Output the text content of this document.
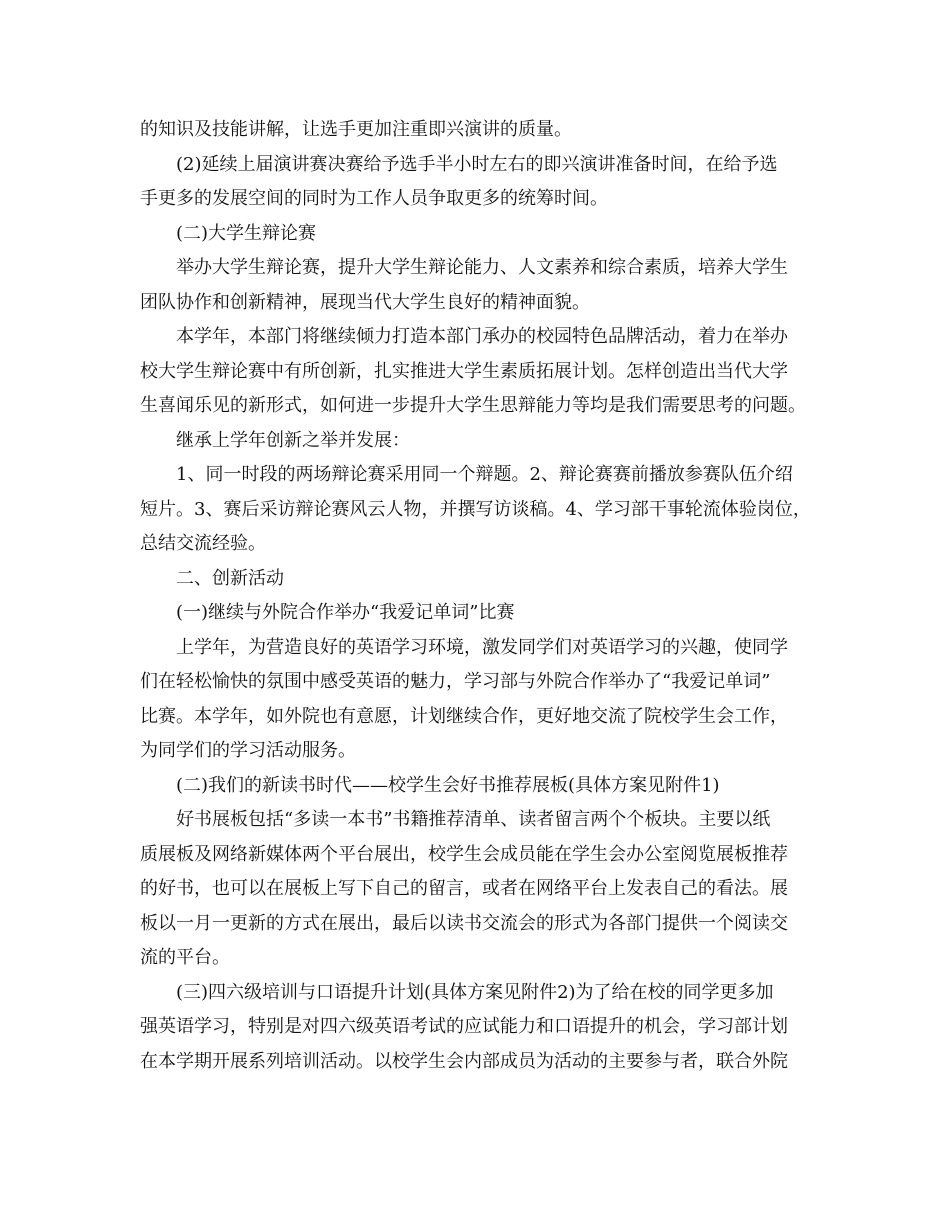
的知识及技能讲解，让选手更加注重即兴演讲的质量。
(2)延续上届演讲赛决赛给予选手半小时左右的即兴演讲准备时间，在给予选
手更多的发展空间的同时为工作人员争取更多的统筹时间。
(二)大学生辩论赛
举办大学生辩论赛，提升大学生辩论能力、人文素养和综合素质，培养大学生
团队协作和创新精神，展现当代大学生良好的精神面貌。
本学年，本部门将继续倾力打造本部门承办的校园特色品牌活动，着力在举办
校大学生辩论赛中有所创新，扎实推进大学生素质拓展计划。怎样创造出当代大学
生喜闻乐见的新形式，如何进一步提升大学生思辩能力等均是我们需要思考的问题。
继承上学年创新之举并发展：
1、同一时段的两场辩论赛采用同一个辩题。2、辩论赛赛前播放参赛队伍介绍
短片。3、赛后采访辩论赛风云人物，并撰写访谈稿。4、学习部干事轮流体验岗位，
总结交流经验。
二、创新活动
(一)继续与外院合作举办“我爱记单词”比赛
上学年，为营造良好的英语学习环境，激发同学们对英语学习的兴趣，使同学
们在轻松愉快的氛围中感受英语的魅力，学习部与外院合作举办了“我爱记单词”
比赛。本学年，如外院也有意愿，计划继续合作，更好地交流了院校学生会工作，
为同学们的学习活动服务。
(二)我们的新读书时代——校学生会好书推荐展板(具体方案见附件1)
好书展板包括“多读一本书”书籍推荐清单、读者留言两个个板块。主要以纸
质展板及网络新媒体两个平台展出，校学生会成员能在学生会办公室阅览展板推荐
的好书，也可以在展板上写下自己的留言，或者在网络平台上发表自己的看法。展
板以一月一更新的方式在展出，最后以读书交流会的形式为各部门提供一个阅读交
流的平台。
(三)四六级培训与口语提升计划(具体方案见附件2)为了给在校的同学更多加
强英语学习，特别是对四六级英语考试的应试能力和口语提升的机会，学习部计划
在本学期开展系列培训活动。以校学生会内部成员为活动的主要参与者，联合外院
